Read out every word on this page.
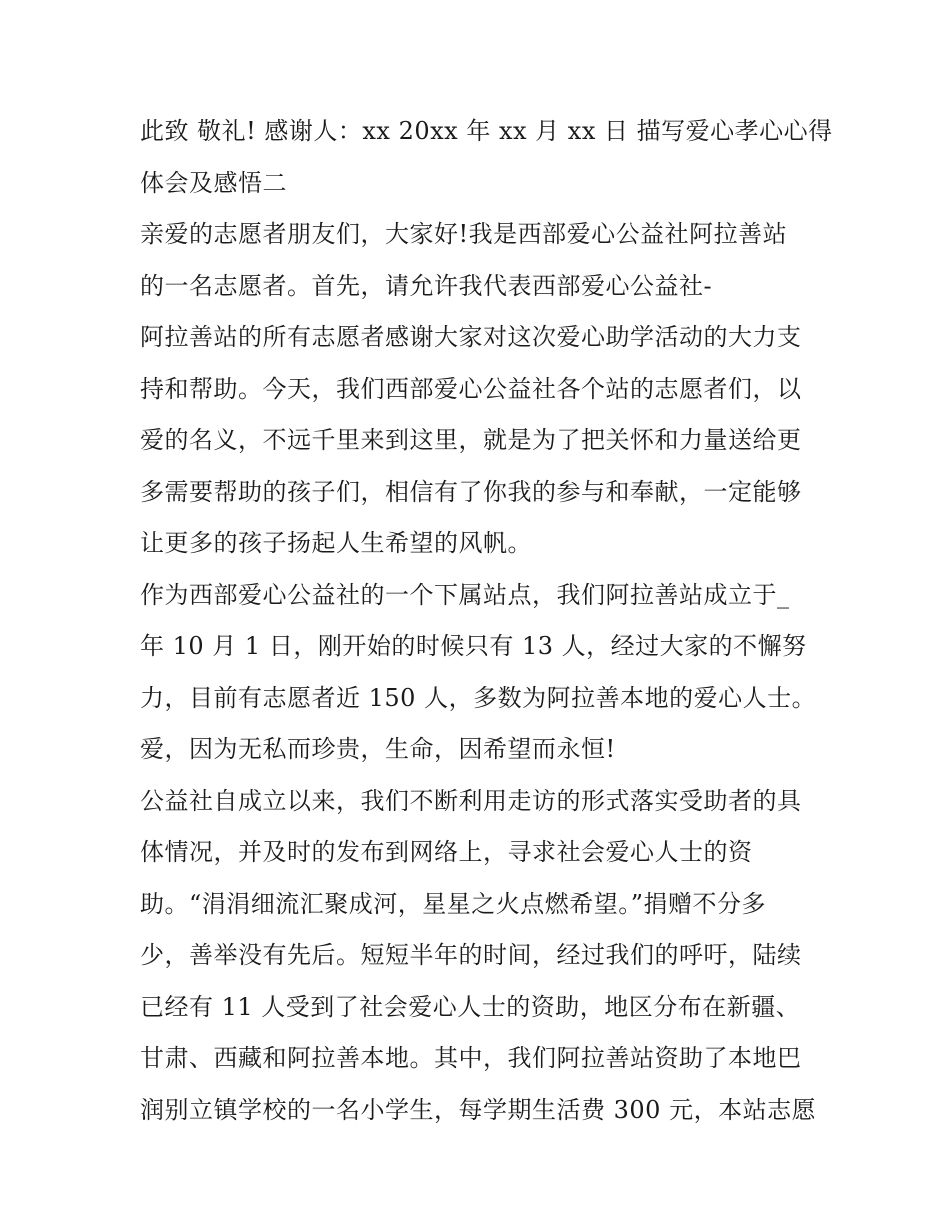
此致 敬礼! 感谢人：xx 20xx 年 xx 月 xx 日 描写爱心孝心心得
体会及感悟二
亲爱的志愿者朋友们，大家好!我是西部爱心公益社阿拉善站
的一名志愿者。首先，请允许我代表西部爱心公益社-
阿拉善站的所有志愿者感谢大家对这次爱心助学活动的大力支
持和帮助。今天，我们西部爱心公益社各个站的志愿者们，以
爱的名义，不远千里来到这里，就是为了把关怀和力量送给更
多需要帮助的孩子们，相信有了你我的参与和奉献，一定能够
让更多的孩子扬起人生希望的风帆。
作为西部爱心公益社的一个下属站点，我们阿拉善站成立于_
年 10 月 1 日，刚开始的时候只有 13 人，经过大家的不懈努
力，目前有志愿者近 150 人，多数为阿拉善本地的爱心人士。
爱，因为无私而珍贵，生命，因希望而永恒!
公益社自成立以来，我们不断利用走访的形式落实受助者的具
体情况，并及时的发布到网络上，寻求社会爱心人士的资
助。“涓涓细流汇聚成河，星星之火点燃希望。”捐赠不分多
少，善举没有先后。短短半年的时间，经过我们的呼吁，陆续
已经有 11 人受到了社会爱心人士的资助，地区分布在新疆、
甘肃、西藏和阿拉善本地。其中，我们阿拉善站资助了本地巴
润别立镇学校的一名小学生，每学期生活费 300 元，本站志愿
